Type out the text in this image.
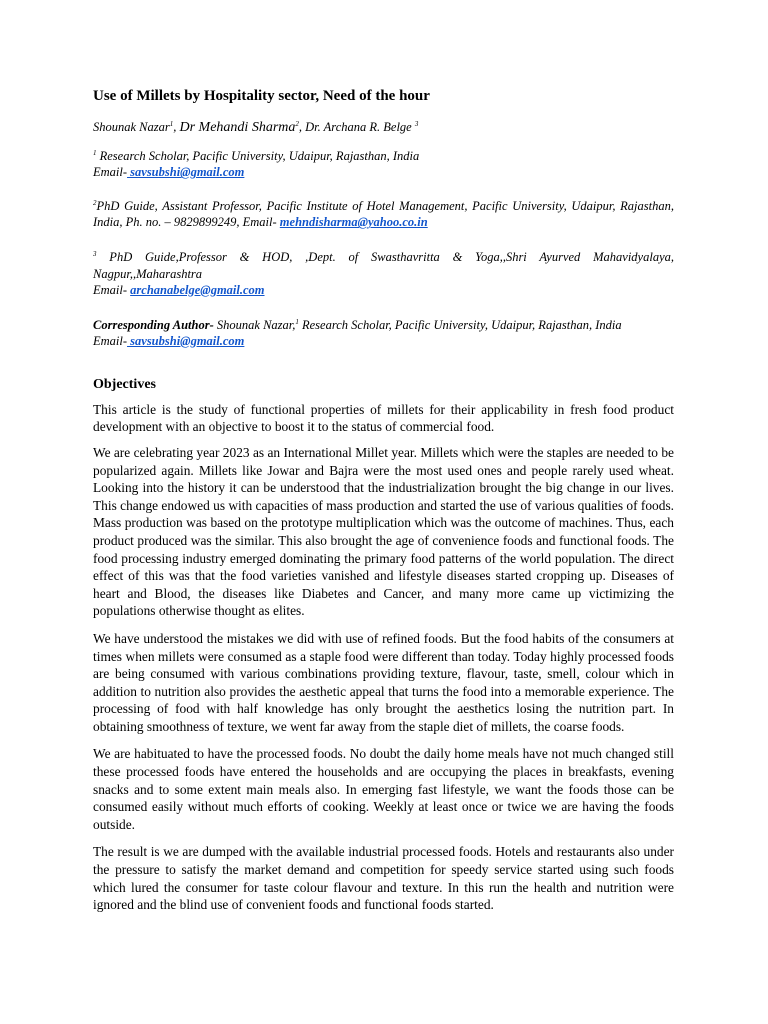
Use of Millets by Hospitality sector, Need of the hour
Shounak Nazar$^1$, Dr Mehandi Sharma$^2$, Dr. Archana R. Belge $^3$
$^1$ Research Scholar, Pacific University, Udaipur, Rajasthan, India
Email- savsubshi@gmail.com
$^2$PhD Guide, Assistant Professor, Pacific Institute of Hotel Management, Pacific University, Udaipur, Rajasthan, India, Ph. no. – 9829899249, Email- mehndisharma@yahoo.co.in
$^3$ PhD Guide,Professor & HOD, ,Dept. of Swasthavritta & Yoga,,Shri Ayurved Mahavidyalaya, Nagpur,,Maharashtra
Email- archanabelge@gmail.com
Corresponding Author- Shounak Nazar,$^1$ Research Scholar, Pacific University, Udaipur, Rajasthan, India
Email- savsubshi@gmail.com
Objectives

This article is the study of functional properties of millets for their applicability in fresh food product development with an objective to boost it to the status of commercial food.

We are celebrating year 2023 as an International Millet year. Millets which were the staples are needed to be popularized again. Millets like Jowar and Bajra were the most used ones and people rarely used wheat. Looking into the history it can be understood that the industrialization brought the big change in our lives. This change endowed us with capacities of mass production and started the use of various qualities of foods. Mass production was based on the prototype multiplication which was the outcome of machines. Thus, each product produced was the similar. This also brought the age of convenience foods and functional foods. The food processing industry emerged dominating the primary food patterns of the world population. The direct effect of this was that the food varieties vanished and lifestyle diseases started cropping up. Diseases of heart and Blood, the diseases like Diabetes and Cancer, and many more came up victimizing the populations otherwise thought as elites.

We have understood the mistakes we did with use of refined foods. But the food habits of the consumers at times when millets were consumed as a staple food were different than today. Today highly processed foods are being consumed with various combinations providing texture, flavour, taste, smell, colour which in addition to nutrition also provides the aesthetic appeal that turns the food into a memorable experience. The processing of food with half knowledge has only brought the aesthetics losing the nutrition part. In obtaining smoothness of texture, we went far away from the staple diet of millets, the coarse foods.

We are habituated to have the processed foods. No doubt the daily home meals have not much changed still these processed foods have entered the households and are occupying the places in breakfasts, evening snacks and to some extent main meals also. In emerging fast lifestyle, we want the foods those can be consumed easily without much efforts of cooking. Weekly at least once or twice we are having the foods outside.

The result is we are dumped with the available industrial processed foods. Hotels and restaurants also under the pressure to satisfy the market demand and competition for speedy service started using such foods which lured the consumer for taste colour flavour and texture. In this run the health and nutrition were ignored and the blind use of convenient foods and functional foods started.
